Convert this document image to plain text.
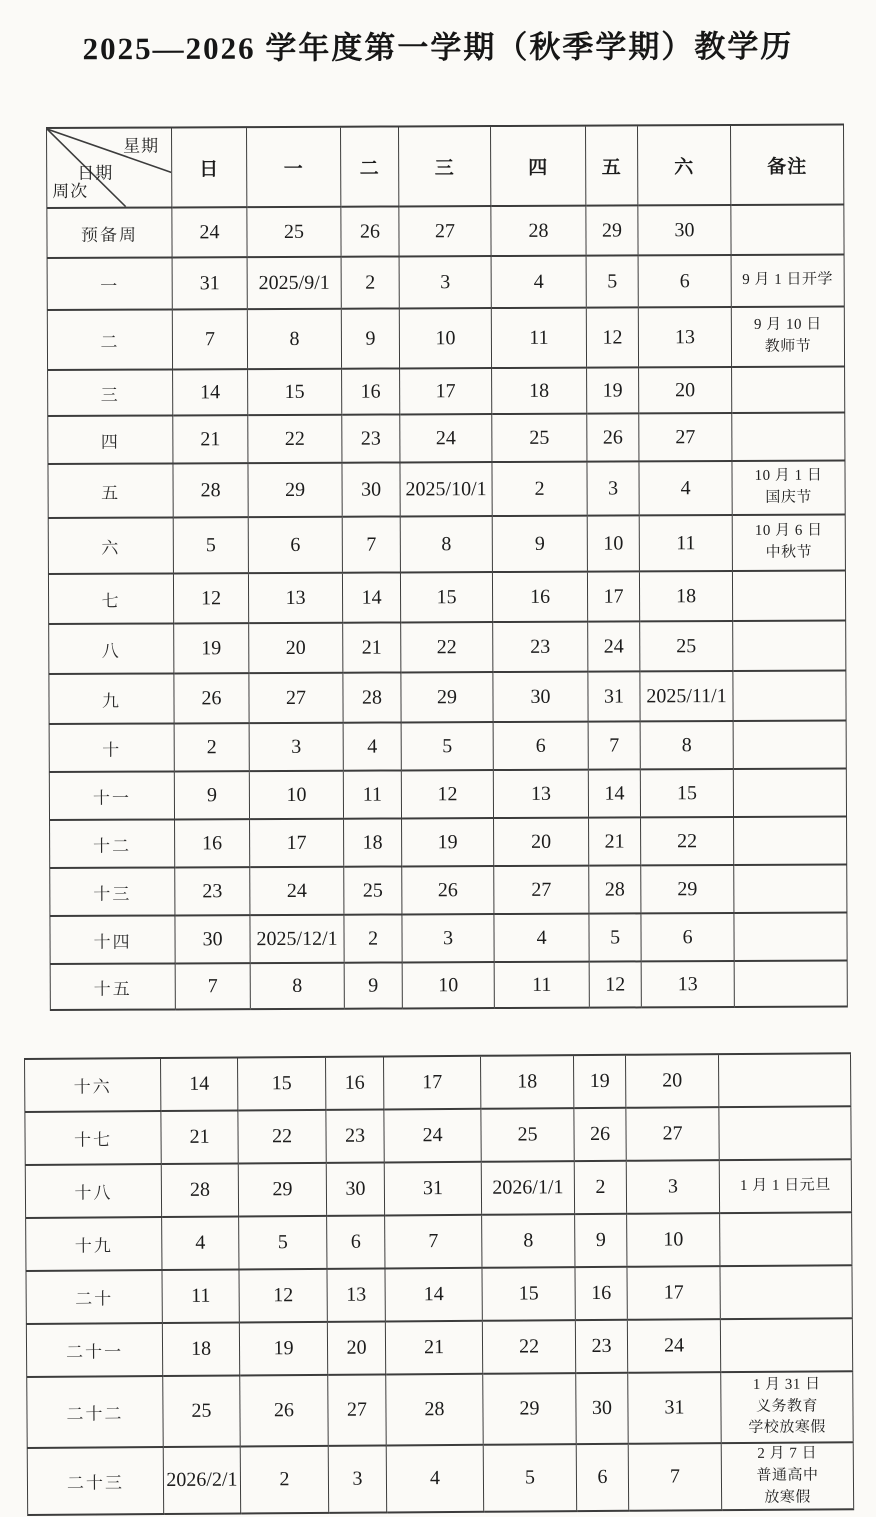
2025—2026 学年度第一学期（秋季学期）教学历
星期
日期
周次	日	一	二	三	四	五	六	备注
预备周	24	25	26	27	28	29	30	
一	31	2025/9/1	2	3	4	5	6	9 月 1 日开学
二	7	8	9	10	11	12	13	9 月 10 日
教师节
三	14	15	16	17	18	19	20	
四	21	22	23	24	25	26	27	
五	28	29	30	2025/10/1	2	3	4	10 月 1 日
国庆节
六	5	6	7	8	9	10	11	10 月 6 日
中秋节
七	12	13	14	15	16	17	18	
八	19	20	21	22	23	24	25	
九	26	27	28	29	30	31	2025/11/1	
十	2	3	4	5	6	7	8	
十一	9	10	11	12	13	14	15	
十二	16	17	18	19	20	21	22	
十三	23	24	25	26	27	28	29	
十四	30	2025/12/1	2	3	4	5	6	
十五	7	8	9	10	11	12	13	
十六	14	15	16	17	18	19	20	
十七	21	22	23	24	25	26	27	
十八	28	29	30	31	2026/1/1	2	3	1 月 1 日元旦
十九	4	5	6	7	8	9	10	
二十	11	12	13	14	15	16	17	
二十一	18	19	20	21	22	23	24	
二十二	25	26	27	28	29	30	31	1 月 31 日
义务教育
学校放寒假
二十三	2026/2/1	2	3	4	5	6	7	2 月 7 日
普通高中
放寒假
